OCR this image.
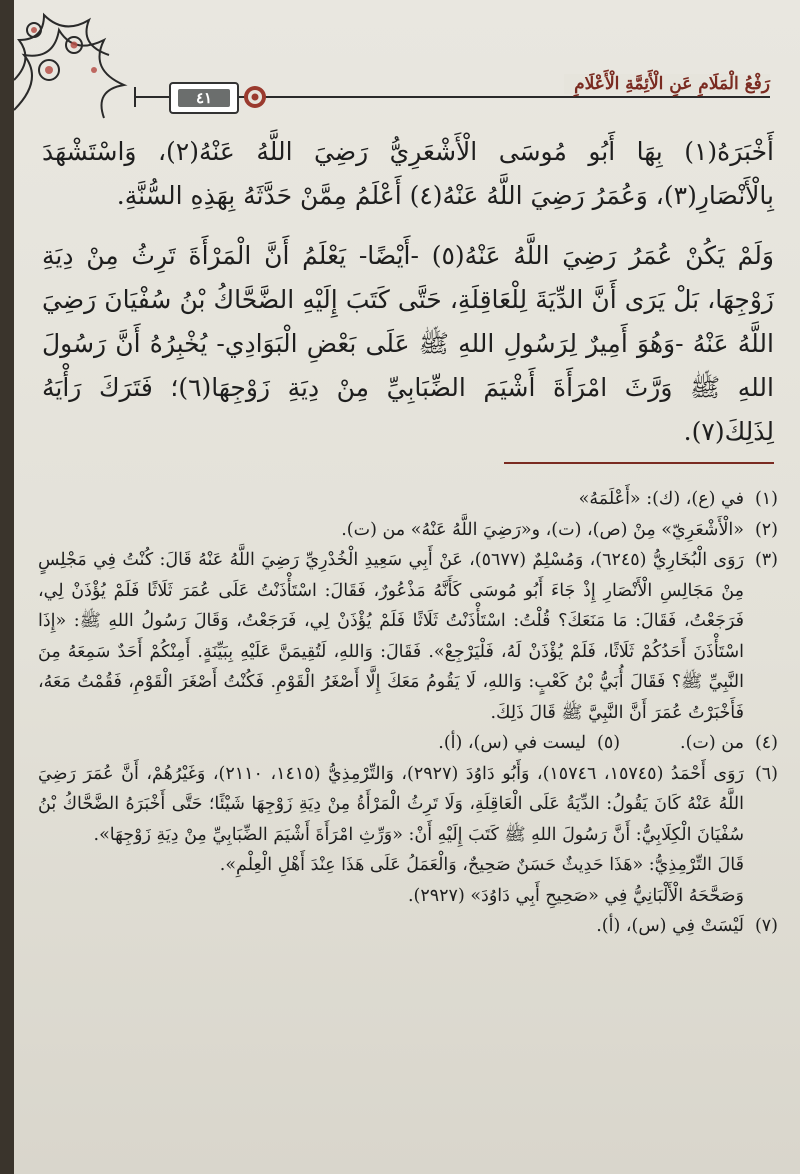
٤١
رَفْعُ الْمَلَامِ عَنِ الْأَئِمَّةِ الْأَعْلَامِ

أَخْبَرَهُ(١) بِهَا أَبُو مُوسَى الْأَشْعَرِيُّ رَضِيَ اللَّهُ عَنْهُ(٢)، وَاسْتَشْهَدَ بِالْأَنْصَارِ(٣)، وَعُمَرُ رَضِيَ اللَّهُ عَنْهُ(٤) أَعْلَمُ مِمَّنْ حَدَّثَهُ بِهَذِهِ السُّنَّةِ.

وَلَمْ يَكُنْ عُمَرُ رَضِيَ اللَّهُ عَنْهُ(٥) -أَيْضًا- يَعْلَمُ أَنَّ الْمَرْأَةَ تَرِثُ مِنْ دِيَةِ زَوْجِهَا، بَلْ يَرَى أَنَّ الدِّيَةَ لِلْعَاقِلَةِ، حَتَّى كَتَبَ إِلَيْهِ الضَّحَّاكُ بْنُ سُفْيَانَ رَضِيَ اللَّهُ عَنْهُ -وَهُوَ أَمِيرٌ لِرَسُولِ اللهِ ﷺ عَلَى بَعْضِ الْبَوَادِي- يُخْبِرُهُ أَنَّ رَسُولَ اللهِ ﷺ وَرَّثَ امْرَأَةَ أَشْيَمَ الضِّبَابِيِّ مِنْ دِيَةِ زَوْجِهَا(٦)؛ فَتَرَكَ رَأْيَهُ لِذَلِكَ(٧).

(١)
في (ع)، (ك): «أَعْلَمَهُ»
(٢)
«الْأَشْعَرِيّ» مِنْ (ص)، (ت)، و«رَضِيَ اللَّهُ عَنْهُ» من (ت).
(٣)

رَوَى الْبُخَارِيُّ (٦٢٤٥)، وَمُسْلِمٌ (٥٦٧٧)، عَنْ أَبِي سَعِيدِ الْخُدْرِيِّ رَضِيَ اللَّهُ عَنْهُ قَالَ: كُنْتُ فِي مَجْلِسٍ مِنْ مَجَالِسِ الْأَنْصَارِ إِذْ جَاءَ أَبُو مُوسَى كَأَنَّهُ مَذْعُورٌ، فَقَالَ: اسْتَأْذَنْتُ عَلَى عُمَرَ ثَلَاثًا فَلَمْ يُؤْذَنْ لِي، فَرَجَعْتُ، فَقَالَ: مَا مَنَعَكَ؟ قُلْتُ: اسْتَأْذَنْتُ ثَلَاثًا فَلَمْ يُؤْذَنْ لِي، فَرَجَعْتُ، وَقَالَ رَسُولُ اللهِ ﷺ: «إِذَا اسْتَأْذَنَ أَحَدُكُمْ ثَلَاثًا، فَلَمْ يُؤْذَنْ لَهُ، فَلْيَرْجِعْ». فَقَالَ: وَاللهِ، لَتُقِيمَنَّ عَلَيْهِ بِبَيِّنَةٍ. أَمِنْكُمْ أَحَدٌ سَمِعَهُ مِنَ النَّبِيِّ ﷺ؟ فَقَالَ أُبَيُّ بْنُ كَعْبٍ: وَاللهِ، لَا يَقُومُ مَعَكَ إِلَّا أَصْغَرُ الْقَوْمِ. فَكُنْتُ أَصْغَرَ الْقَوْمِ، فَقُمْتُ مَعَهُ، فَأَخْبَرْتُ عُمَرَ أَنَّ النَّبِيَّ ﷺ قَالَ ذَلِكَ.

(٤)
من (ت).
(٥)
ليست في (س)، (أ).
(٦)

رَوَى أَحْمَدُ (١٥٧٤٥، ١٥٧٤٦)، وَأَبُو دَاوُدَ (٢٩٢٧)، وَالتِّرْمِذِيُّ (١٤١٥، ٢١١٠)، وَغَيْرُهُمْ، أَنَّ عُمَرَ رَضِيَ اللَّهُ عَنْهُ كَانَ يَقُولُ: الدِّيَةُ عَلَى الْعَاقِلَةِ، وَلَا تَرِثُ الْمَرْأَةُ مِنْ دِيَةِ زَوْجِهَا شَيْئًا؛ حَتَّى أَخْبَرَهُ الضَّحَّاكُ بْنُ سُفْيَانَ الْكِلَابِيُّ: أَنَّ رَسُولَ اللهِ ﷺ كَتَبَ إِلَيْهِ أَنْ: «وَرِّثِ امْرَأَةَ أَشْيَمَ الضِّبَابِيِّ مِنْ دِيَةِ زَوْجِهَا».

قَالَ التِّرْمِذِيُّ: «هَذَا حَدِيثٌ حَسَنٌ صَحِيحٌ، وَالْعَمَلُ عَلَى هَذَا عِنْدَ أَهْلِ الْعِلْمِ».

وَصَحَّحَهُ الْأَلْبَانِيُّ فِي «صَحِيحِ أَبِي دَاوُدَ» (٢٩٢٧).

(٧)
لَيْسَتْ فِي (س)، (أ).
